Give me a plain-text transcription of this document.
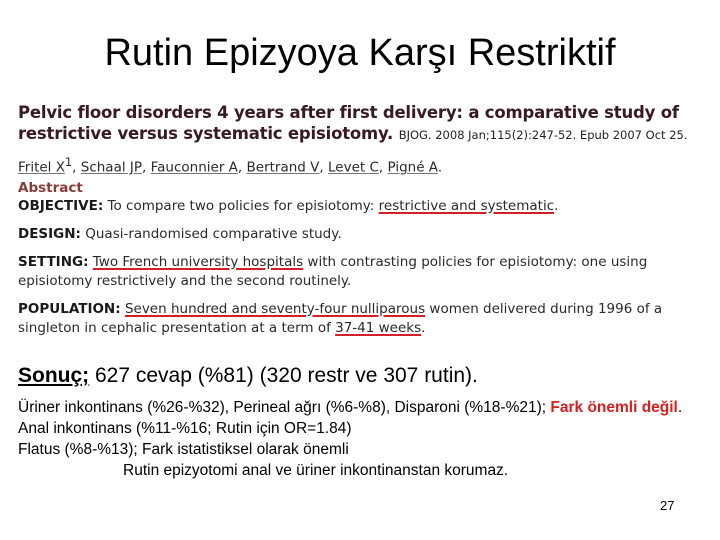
Rutin Epizyoya Karşı Restriktif
Pelvic floor disorders 4 years after first delivery: a comparative study of
restrictive versus systematic episiotomy. BJOG. 2008 Jan;115(2):247-52. Epub 2007 Oct 25.
Fritel $X^1$, Schaal JP, Fauconnier A, Bertrand V, Levet C, Pigné A.
Abstract
OBJECTIVE: To compare two policies for episiotomy: restrictive and systematic.
DESIGN: Quasi-randomised comparative study.
SETTING: Two French university hospitals with contrasting policies for episiotomy: one using episiotomy restrictively and the second routinely.
POPULATION: Seven hundred and seventy-four nulliparous women delivered during 1996 of a singleton in cephalic presentation at a term of 37-41 weeks.
Sonuç; 627 cevap (%81) (320 restr ve 307 rutin).
Üriner inkontinans (%26-%32), Perineal ağrı (%6-%8), Disparoni (%18-%21); Fark önemli değil.
Anal inkontinans (%11-%16; Rutin için OR=1.84)
Flatus (%8-%13); Fark istatistiksel olarak önemli
Rutin epizyotomi anal ve üriner inkontinanstan korumaz.
27
